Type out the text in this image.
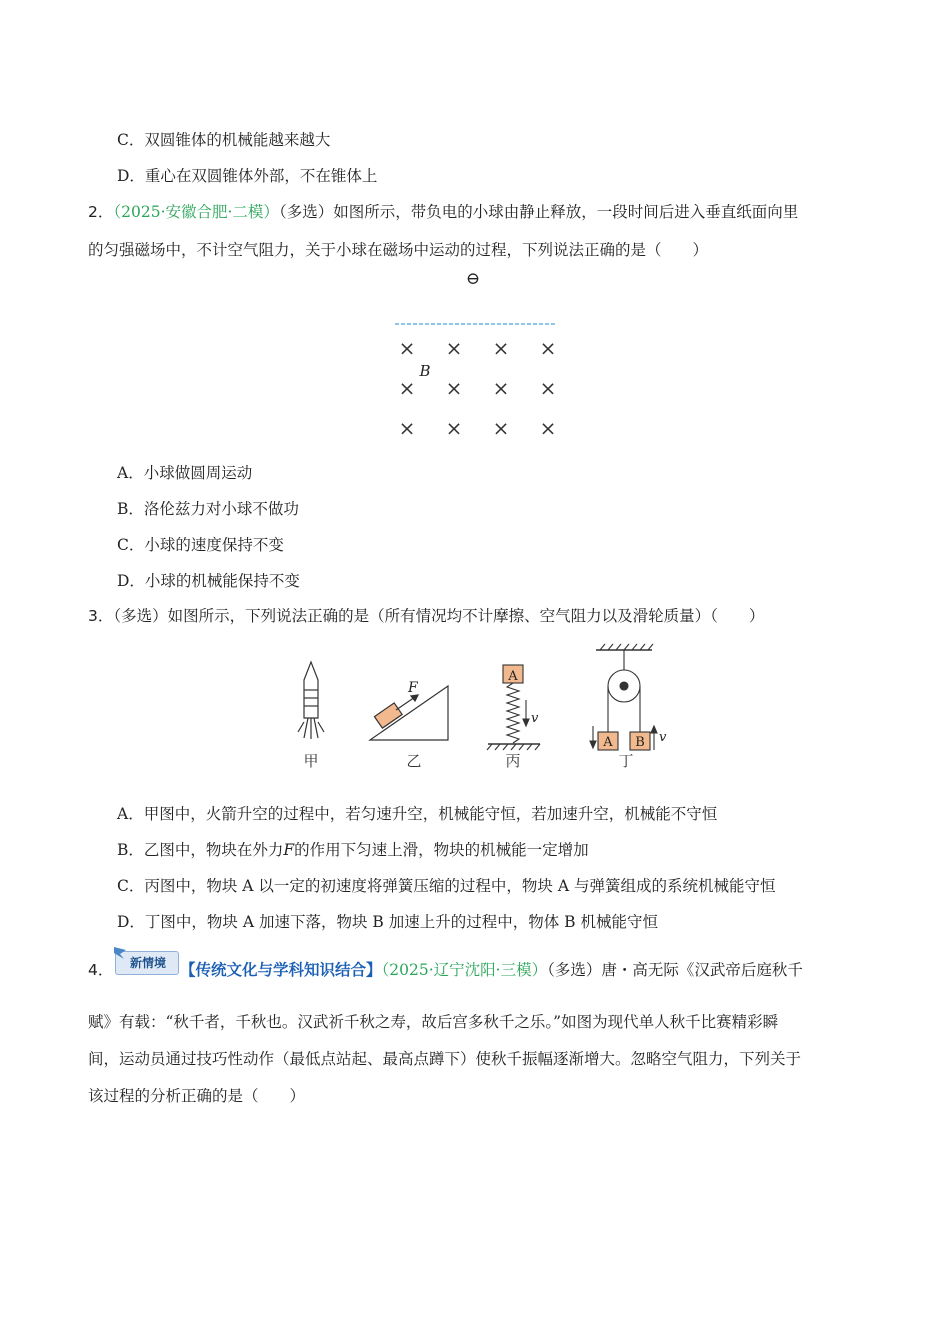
C．双圆锥体的机械能越来越大
D．重心在双圆锥体外部，不在锥体上
2．（2025·安徽合肥·二模）（多选）如图所示，带负电的小球由静止释放，一段时间后进入垂直纸面向里
的匀强磁场中，不计空气阻力，关于小球在磁场中运动的过程，下列说法正确的是（　　）
⊖
× × × ×
× × × ×
× × × ×
B
A．小球做圆周运动
B．洛伦兹力对小球不做功
C．小球的速度保持不变
D．小球的机械能保持不变
3．（多选）如图所示，下列说法正确的是（所有情况均不计摩擦、空气阻力以及滑轮质量）（　　）
甲
F
乙
A
v
丙
A B v
丁
A．甲图中，火箭升空的过程中，若匀速升空，机械能守恒，若加速升空，机械能不守恒
B．乙图中，物块在外力F的作用下匀速上滑，物块的机械能一定增加
C．丙图中，物块 A 以一定的初速度将弹簧压缩的过程中，物块 A 与弹簧组成的系统机械能守恒
D．丁图中，物块 A 加速下落，物块 B 加速上升的过程中，物体 B 机械能守恒
4． 新情境 【传统文化与学科知识结合】（2025·辽宁沈阳·三模）（多选）唐・高无际《汉武帝后庭秋千
赋》有载：“秋千者，千秋也。汉武祈千秋之寿，故后宫多秋千之乐。”如图为现代单人秋千比赛精彩瞬
间，运动员通过技巧性动作（最低点站起、最高点蹲下）使秋千振幅逐渐增大。忽略空气阻力，下列关于
该过程的分析正确的是（　　）
